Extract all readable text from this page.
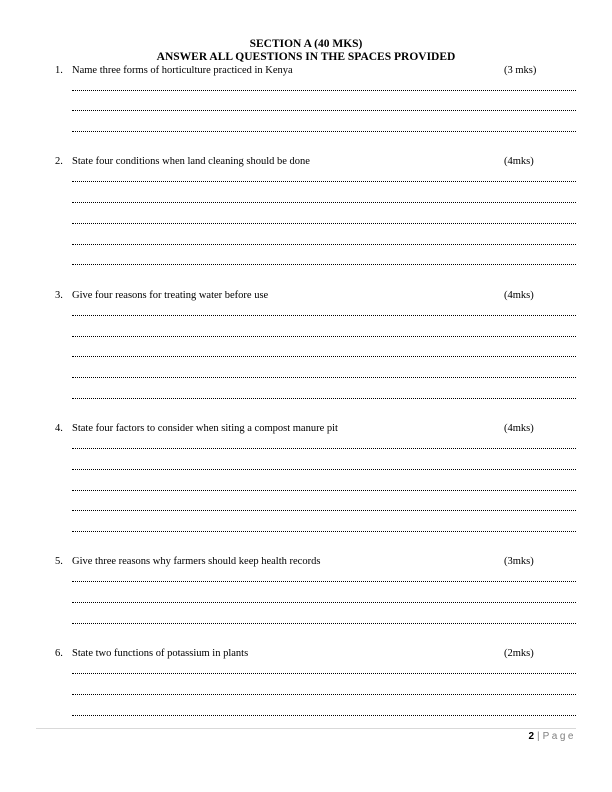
SECTION A (40 MKS)
ANSWER ALL QUESTIONS IN THE SPACES PROVIDED
1. Name three forms of horticulture practiced in Kenya	(3 mks)
2. State four conditions when land cleaning should be done	(4mks)
3. Give four reasons for treating water before use	(4mks)
4. State four factors to consider when siting a compost manure pit	(4mks)
5. Give three reasons why farmers should keep health records	(3mks)
6. State two functions of potassium in plants	(2mks)
2 | Page
